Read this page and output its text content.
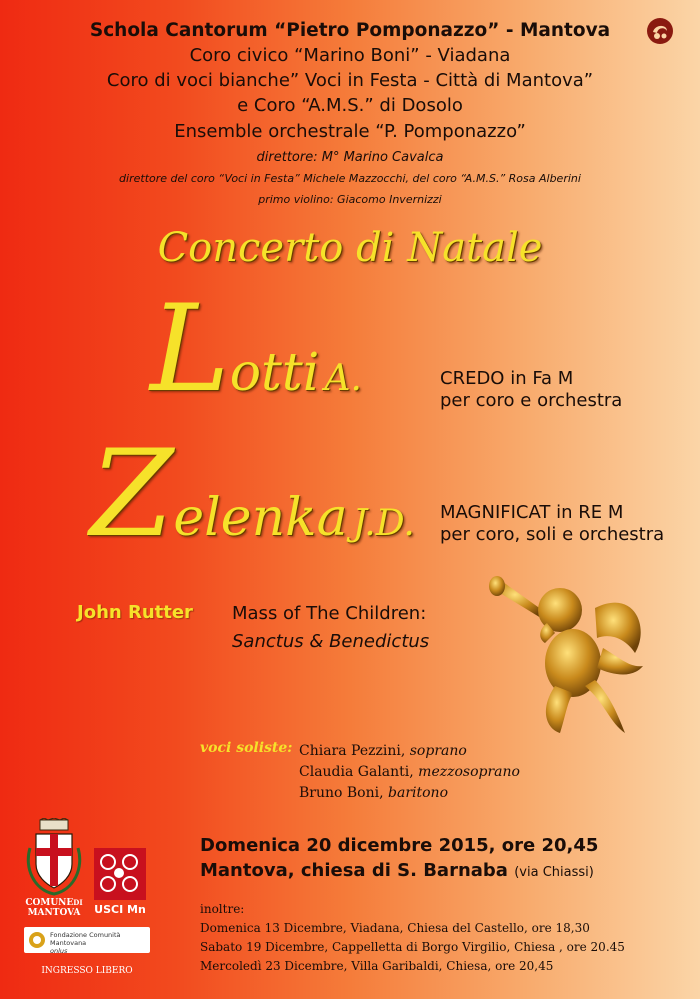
Schola Cantorum “Pietro Pomponazzo” - Mantova
Coro civico “Marino Boni” - Viadana
Coro di voci bianche” Voci in Festa - Città di Mantova”
e Coro “A.M.S.” di Dosolo
Ensemble orchestrale “P. Pomponazzo”
direttore: M° Marino Cavalca
direttore del coro “Voci in Festa” Michele Mazzocchi, del coro “A.M.S.” Rosa Alberini
primo violino: Giacomo Invernizzi
Concerto di Natale
Lotti A.	CREDO in Fa M
per coro e orchestra
Zelenka J.D. MAGNIFICAT in RE M
per coro, soli e orchestra
John Rutter Mass of The Children:
Sanctus & Benedictus
voci soliste: Chiara Pezzini, soprano
Claudia Galanti, mezzosoprano
Bruno Boni, baritono
Domenica 20 dicembre 2015, ore 20,45
Mantova, chiesa di S. Barnaba (via Chiassi)
inoltre:
Domenica 13 Dicembre, Viadana, Chiesa del Castello, ore 18,30
Sabato 19 Dicembre, Cappelletta di Borgo Virgilio, Chiesa , ore 20.45
Mercoledì 23 Dicembre, Villa Garibaldi, Chiesa, ore 20,45
COMUNEDI
MANTOVA	USCI Mn
Fondazione Comunità Mantovana
onlus
INGRESSO LIBERO
